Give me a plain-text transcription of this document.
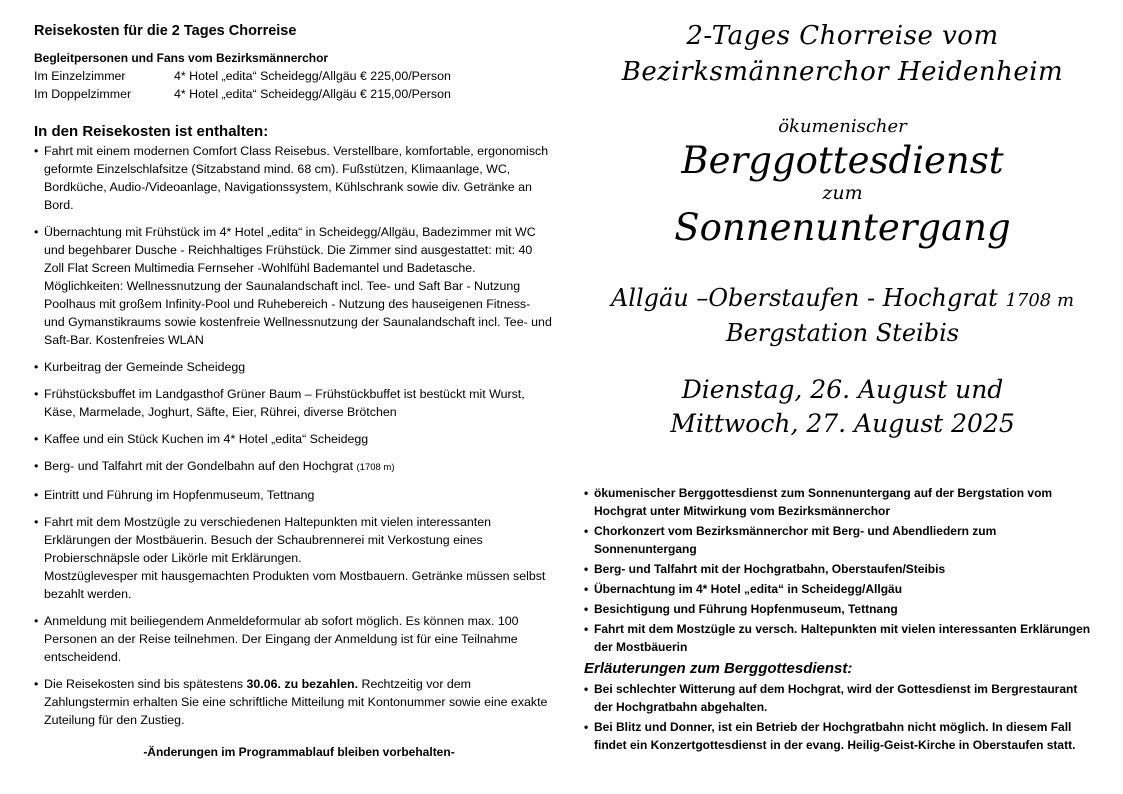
Reisekosten für die 2 Tages Chorreise
Begleitpersonen und Fans vom Bezirksmännerchor
Im Einzelzimmer	4* Hotel „edita“ Scheidegg/Allgäu € 225,00/Person
Im Doppelzimmer	4* Hotel „edita“ Scheidegg/Allgäu € 215,00/Person
In den Reisekosten ist enthalten:
• Fahrt mit einem modernen Comfort Class Reisebus. Verstellbare, komfortable, ergonomisch geformte Einzelschlafsitze (Sitzabstand mind. 68 cm). Fußstützen, Klimaanlage, WC, Bordküche, Audio-/Videoanlage, Navigationssystem, Kühlschrank sowie div. Getränke an Bord.
• Übernachtung mit Frühstück im 4* Hotel „edita“ in Scheidegg/Allgäu, Badezimmer mit WC und begehbarer Dusche - Reichhaltiges Frühstück. Die Zimmer sind ausgestattet: mit: 40 Zoll Flat Screen Multimedia Fernseher -Wohlfühl Bademantel und Badetasche. Möglichkeiten: Wellnessnutzung der Saunalandschaft incl. Tee- und Saft Bar - Nutzung Poolhaus mit großem Infinity-Pool und Ruhebereich - Nutzung des hauseigenen Fitness- und Gymanstikraums sowie kostenfreie Wellnessnutzung der Saunalandschaft incl. Tee- und Saft-Bar. Kostenfreies WLAN
• Kurbeitrag der Gemeinde Scheidegg
• Frühstücksbuffet im Landgasthof Grüner Baum – Frühstückbuffet ist bestückt mit Wurst, Käse, Marmelade, Joghurt, Säfte, Eier, Rührei, diverse Brötchen
• Kaffee und ein Stück Kuchen im 4* Hotel „edita“ Scheidegg
• Berg- und Talfahrt mit der Gondelbahn auf den Hochgrat (1708 m)
• Eintritt und Führung im Hopfenmuseum, Tettnang
• Fahrt mit dem Mostzügle zu verschiedenen Haltepunkten mit vielen interessanten Erklärungen der Mostbäuerin. Besuch der Schaubrennerei mit Verkostung eines Probierschnäpsle oder Likörle mit Erklärungen.
Mostzüglevesper mit hausgemachten Produkten vom Mostbauern. Getränke müssen selbst bezahlt werden.
• Anmeldung mit beiliegendem Anmeldeformular ab sofort möglich. Es können max. 100 Personen an der Reise teilnehmen. Der Eingang der Anmeldung ist für eine Teilnahme entscheidend.
• Die Reisekosten sind bis spätestens 30.06. zu bezahlen. Rechtzeitig vor dem Zahlungstermin erhalten Sie eine schriftliche Mitteilung mit Kontonummer sowie eine exakte Zuteilung für den Zustieg.
-Änderungen im Programmablauf bleiben vorbehalten-
2-Tages Chorreise vom
Bezirksmännerchor Heidenheim
ökumenischer
Berggottesdienst
zum
Sonnenuntergang
Allgäu –Oberstaufen - Hochgrat 1708 m
Bergstation Steibis
Dienstag, 26. August und
Mittwoch, 27. August 2025
• ökumenischer Berggottesdienst zum Sonnenuntergang auf der Bergstation vom Hochgrat unter Mitwirkung vom Bezirksmännerchor
• Chorkonzert vom Bezirksmännerchor mit Berg- und Abendliedern zum Sonnenuntergang
• Berg- und Talfahrt mit der Hochgratbahn, Oberstaufen/Steibis
• Übernachtung im 4* Hotel „edita“ in Scheidegg/Allgäu
• Besichtigung und Führung Hopfenmuseum, Tettnang
• Fahrt mit dem Mostzügle zu versch. Haltepunkten mit vielen interessanten Erklärungen der Mostbäuerin
Erläuterungen zum Berggottesdienst:
• Bei schlechter Witterung auf dem Hochgrat, wird der Gottesdienst im Bergrestaurant der Hochgratbahn abgehalten.
• Bei Blitz und Donner, ist ein Betrieb der Hochgratbahn nicht möglich. In diesem Fall findet ein Konzertgottesdienst in der evang. Heilig-Geist-Kirche in Oberstaufen statt.
